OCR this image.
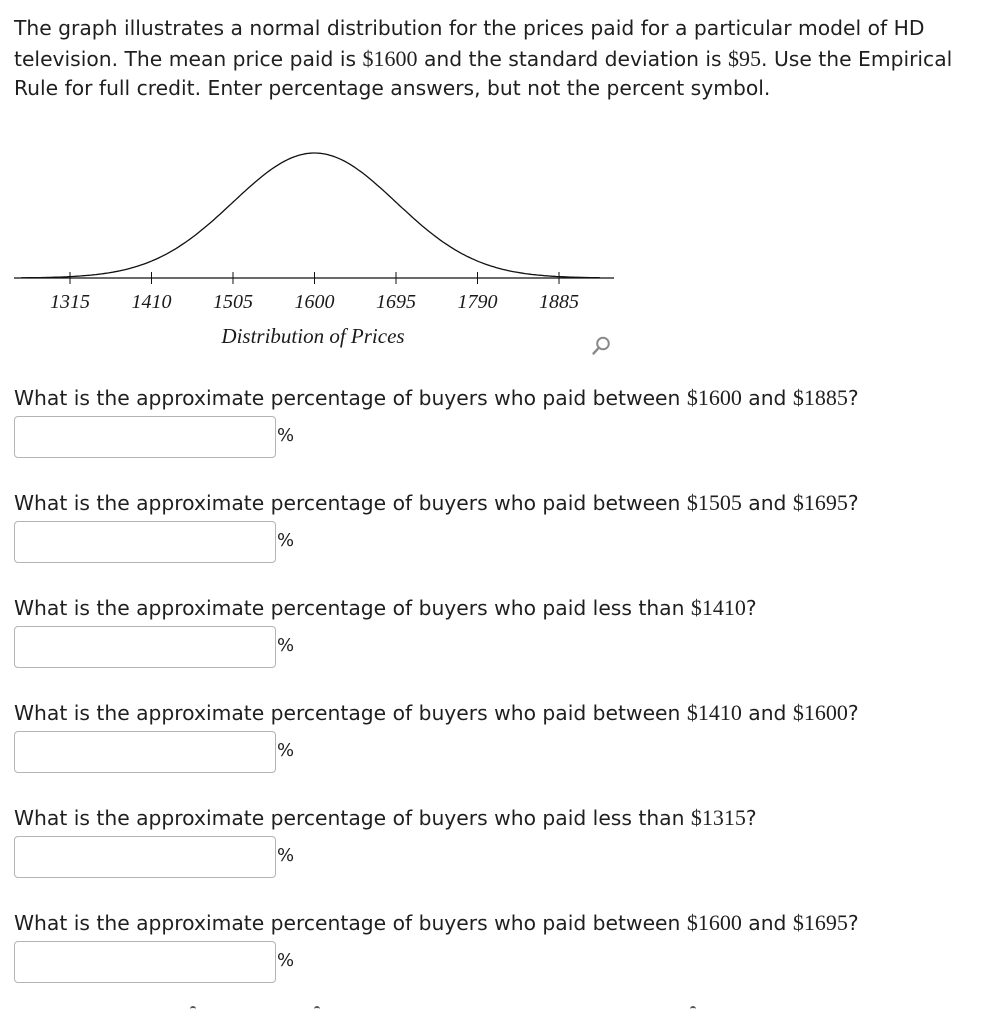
The graph illustrates a normal distribution for the prices paid for a particular model of HD
television. The mean price paid is $1600 and the standard deviation is $95. Use the Empirical
Rule for full credit. Enter percentage answers, but not the percent symbol.

1315 1410 1505 1600 1695 1790 1885
Distribution of Prices

What is the approximate percentage of buyers who paid between $1600 and $1885?

%

What is the approximate percentage of buyers who paid between $1505 and $1695?

%

What is the approximate percentage of buyers who paid less than $1410?

%

What is the approximate percentage of buyers who paid between $1410 and $1600?

%

What is the approximate percentage of buyers who paid less than $1315?

%

What is the approximate percentage of buyers who paid between $1600 and $1695?

%
